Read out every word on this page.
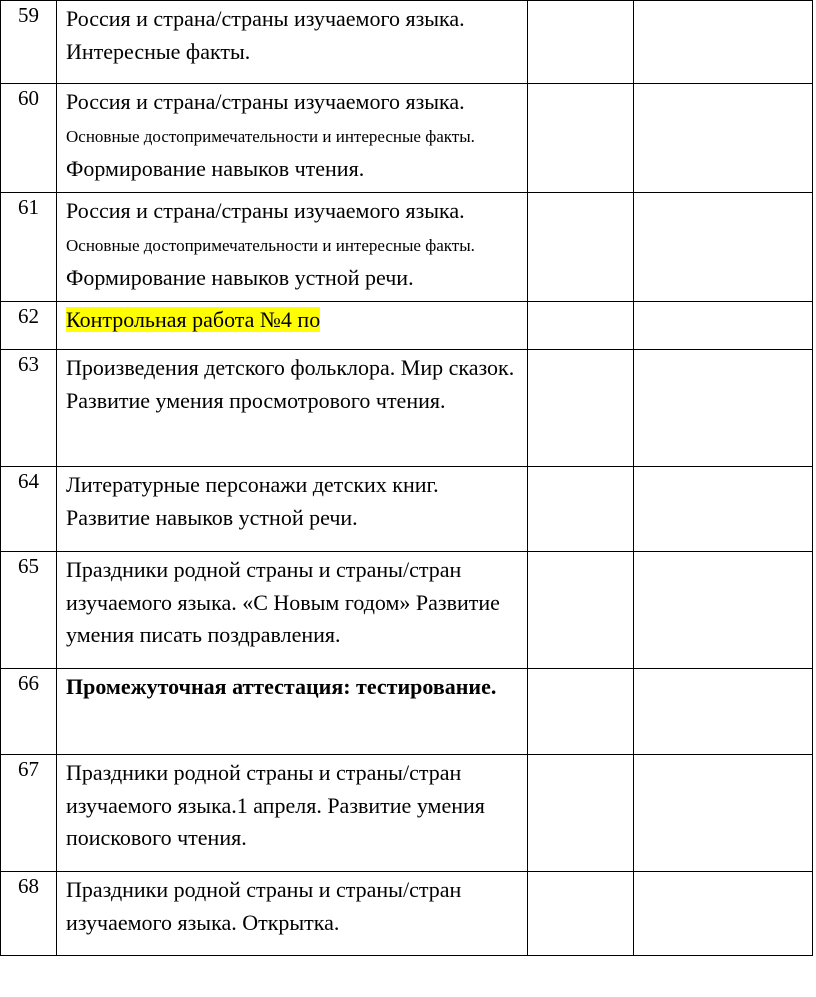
59	Россия и страна/страны изучаемого языка.
Интересные факты.		
60	Россия и страна/страны изучаемого языка. Основные достопримечательности и интересные факты. Формирование навыков чтения.		
61	Россия и страна/страны изучаемого языка. Основные достопримечательности и интересные факты. Формирование навыков устной речи.		
62	Контрольная работа №4 по		
63	Произведения детского фольклора. Мир сказок. Развитие умения просмотрового чтения.		
64	Литературные персонажи детских книг. Развитие навыков устной речи.		
65	Праздники родной страны и страны/стран изучаемого языка. «С Новым годом» Развитие умения писать поздравления.		
66	Промежуточная аттестация: тестирование.		
67	Праздники родной страны и страны/стран изучаемого языка.1 апреля. Развитие умения поискового чтения.		
68	Праздники родной страны и страны/стран изучаемого языка. Открытка.		
